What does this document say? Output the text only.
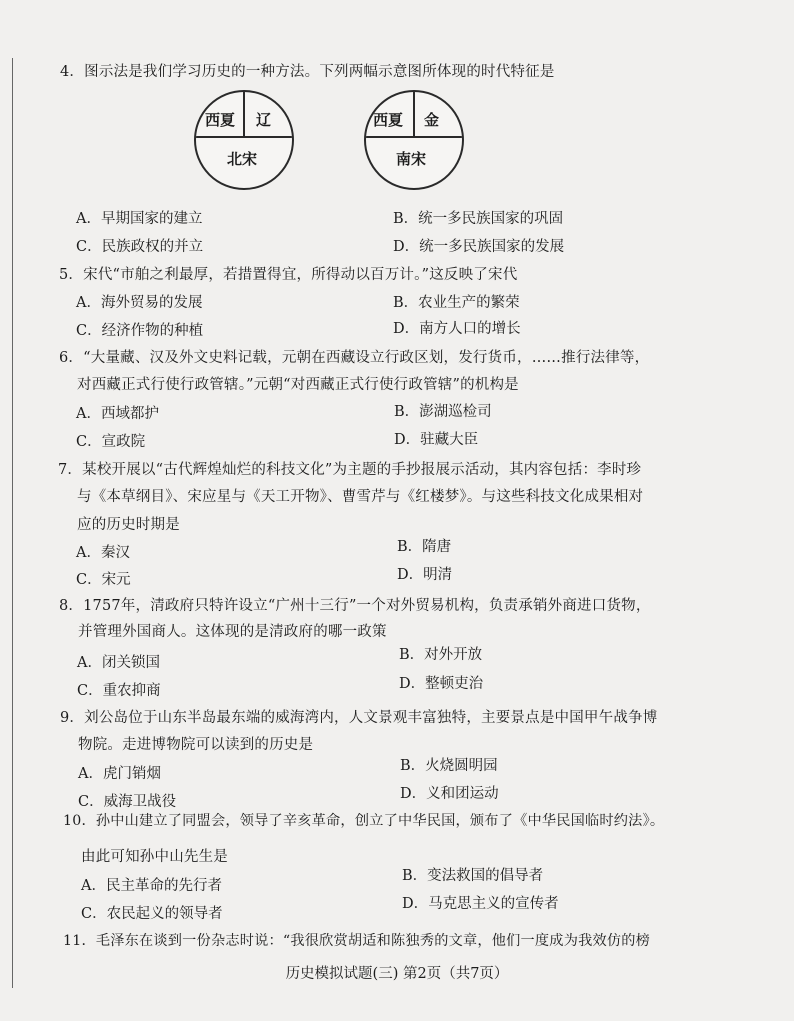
4．图示法是我们学习历史的一种方法。下列两幅示意图所体现的时代特征是
西夏 辽
北宋
西夏 金
南宋
A．早期国家的建立	B．统一多民族国家的巩固
C．民族政权的并立	D．统一多民族国家的发展
5．宋代“市舶之利最厚，若措置得宜，所得动以百万计。”这反映了宋代
A．海外贸易的发展	B．农业生产的繁荣
C．经济作物的种植	D．南方人口的增长
6．“大量藏、汉及外文史料记载，元朝在西藏设立行政区划，发行货币，……推行法律等，
对西藏正式行使行政管辖。”元朝“对西藏正式行使行政管辖”的机构是
A．西域都护	B．澎湖巡检司
C．宣政院	D．驻藏大臣
7．某校开展以“古代辉煌灿烂的科技文化”为主题的手抄报展示活动，其内容包括：李时珍
与《本草纲目》、宋应星与《天工开物》、曹雪芹与《红楼梦》。与这些科技文化成果相对
应的历史时期是
A．秦汉	B．隋唐
C．宋元	D．明清
8．1757年，清政府只特许设立“广州十三行”一个对外贸易机构，负责承销外商进口货物，
并管理外国商人。这体现的是清政府的哪一政策
A．闭关锁国	B．对外开放
C．重农抑商	D．整顿吏治
9．刘公岛位于山东半岛最东端的威海湾内，人文景观丰富独特，主要景点是中国甲午战争博
物院。走进博物院可以读到的历史是
A．虎门销烟	B．火烧圆明园
C．威海卫战役	D．义和团运动
10．孙中山建立了同盟会，领导了辛亥革命，创立了中华民国，颁布了《中华民国临时约法》。
由此可知孙中山先生是
A．民主革命的先行者
B．变法救国的倡导者
C．农民起义的领导者
D．马克思主义的宣传者
11．毛泽东在谈到一份杂志时说：“我很欣赏胡适和陈独秀的文章，他们一度成为我效仿的榜
历史模拟试题(三) 第2页（共7页）
